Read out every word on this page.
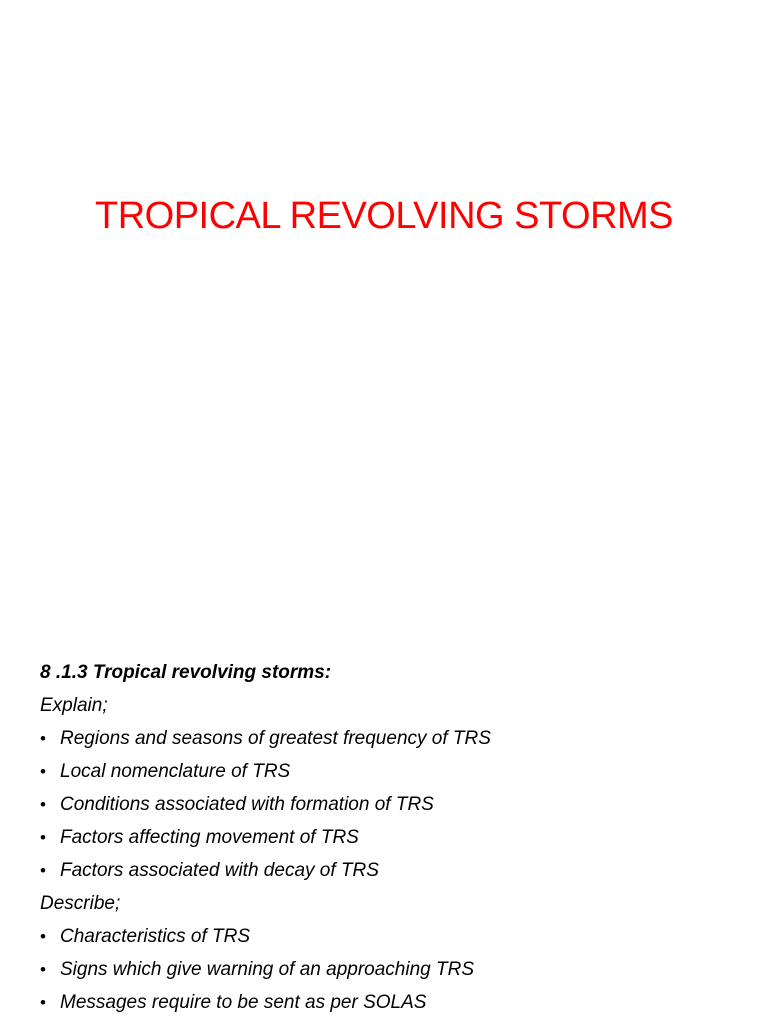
TROPICAL REVOLVING STORMS
8 .1.3 Tropical revolving storms:
Explain;
• Regions and seasons of greatest frequency of TRS
• Local nomenclature of TRS
• Conditions associated with formation of TRS
• Factors affecting movement of TRS
• Factors associated with decay of TRS
Describe;
• Characteristics of TRS
• Signs which give warning of an approaching TRS
• Messages require to be sent as per SOLAS
